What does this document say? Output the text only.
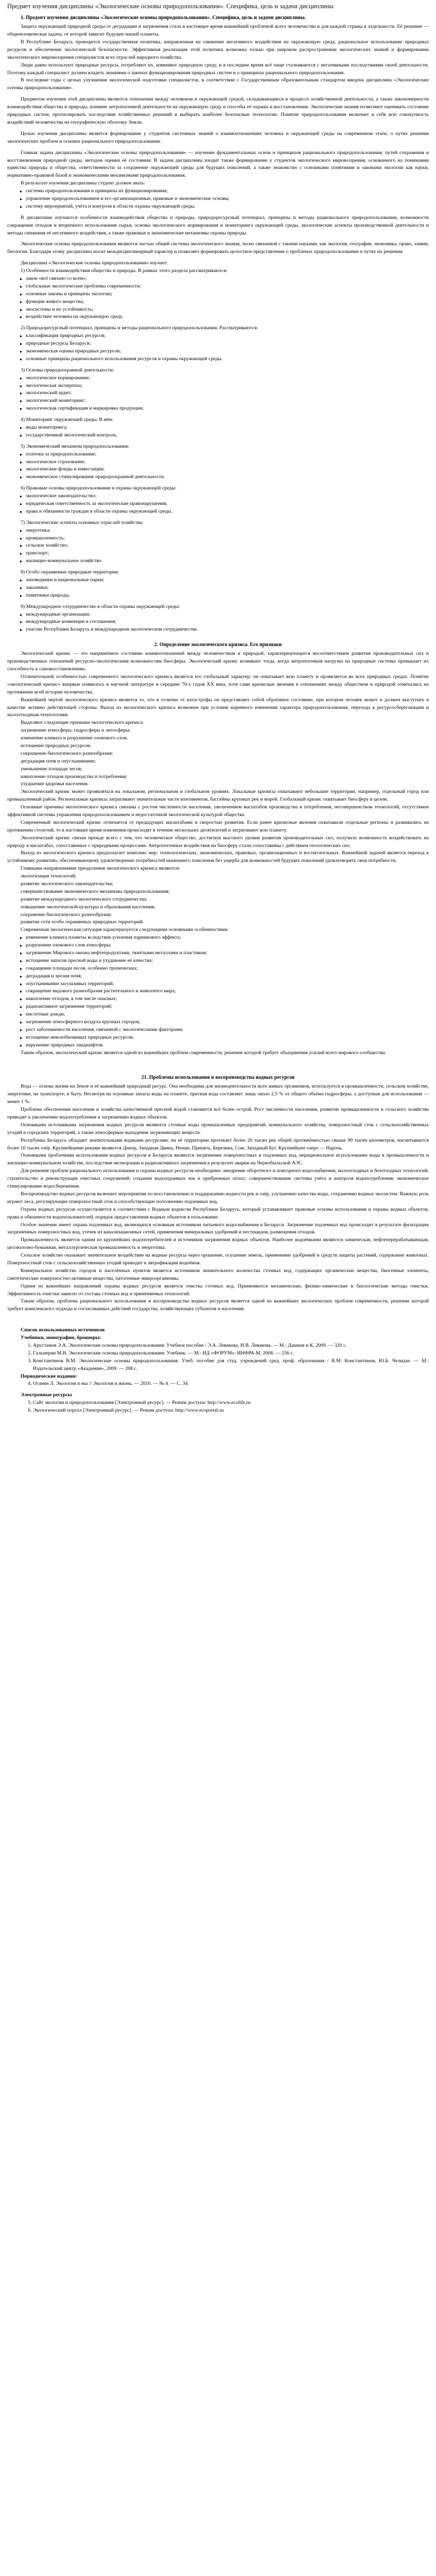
Предмет изучения дисциплины «Экологические основы природопользования». Специфика, цель и задачи дисциплины
1. Предмет изучения дисциплины «Экологические основы природопользования». Специфика, цель и задачи дисциплины.

Защита окружающей природной среды от деградации и загрязнения стала в настоящее время важнейшей проблемой всего человечества и для каждой страны в отдельности. Её решение — общечеловеческая задача, от которой зависит будущее нашей планеты.

В Республике Беларусь проводится государственная политика, направленная на снижение негативного воздействия на окружающую среду, рациональное использование природных ресурсов и обеспечение экологической безопасности. Эффективная реализация этой политики возможна только при широком распространении экологических знаний и формировании экологического мировоззрения специалистов всех отраслей народного хозяйства.

Люди давно используют природные ресурсы, потребляют их, изменяют природную среду, и в последнее время всё чаще сталкиваются с негативными последствиями своей деятельности. Поэтому каждый специалист должен владеть знаниями о законах функционирования природных систем и о принципах рационального природопользования.

В последние годы с целью улучшения экологической подготовки специалистов, в соответствии с Государственным образовательным стандартом введена дисциплина «Экологические основы природопользования».

Предметом изучения этой дисциплины являются отношения между человеком и окружающей средой, складывающиеся в процессе хозяйственной деятельности, а также закономерности взаимодействия общества и природы, влияние антропогенной деятельности на окружающую среду и способы её охраны и восстановления. Экологические знания позволяют оценивать состояние природных систем, прогнозировать последствия хозяйственных решений и выбирать наиболее безопасные технологии. Понятие природопользования включает в себя всю совокупность воздействий человечества на географическую оболочку Земли.

Целью изучения дисциплины является формирование у студентов системных знаний о взаимоотношениях человека и окружающей среды на современном этапе, о путях решения экологических проблем и основах рационального природопользования.

Главная задача дисциплины «Экологические основы природопользования» — изучение фундаментальных основ и принципов рационального природопользования, путей сохранения и восстановления природной среды, методов оценки её состояния. В задачи дисциплины входит также формирование у студентов экологического мировоззрения, основанного на понимании единства природы и общества, ответственности за сохранение окружающей среды для будущих поколений, а также знакомство с основными понятиями и законами экологии как науки, нормативно-правовой базой и экономическими механизмами природопользования.

В результате изучения дисциплины студент должен знать:

● системы природопользования и принципы их функционирования;
● управление природопользованием и его организационные, правовые и экономические основы;
● систему мероприятий, учёта и контроля в области охраны окружающей среды.

В дисциплине изучаются особенности взаимодействия общества и природы, природоресурсный потенциал, принципы и методы рационального природопользования, возможности сокращения отходов и вторичного использования сырья, основы экологического нормирования и мониторинга окружающей среды, экологические аспекты производственной деятельности и методы снижения её негативного воздействия, а также правовые и экономические механизмы охраны природы.

Экологические основы природопользования являются частью общей системы экологического знания, тесно связанной с такими науками, как экология, география, экономика, право, химия, биология. Благодаря этому дисциплина носит междисциплинарный характер и позволяет формировать целостное представление о проблемах природопользования и путях их решения.

Дисциплина «Экологические основы природопользования» изучает:

1) Особенности взаимодействия общества и природы. В рамках этого раздела рассматриваются:

● закон «всё связано со всем»;
● глобальные экологические проблемы современности;
● основные законы и принципы экологии;
● функции живого вещества;
● экосистемы и их устойчивость;
● воздействие человека на окружающую среду.

2) Природоресурсный потенциал, принципы и методы рационального природопользования. Рассматриваются:

● классификация природных ресурсов;
● природные ресурсы Беларуси;
● экономическая оценка природных ресурсов;
● основные принципы рационального использования ресурсов и охраны окружающей среды.

3) Основы природоохранной деятельности:

● экологическое нормирование;
● экологическая экспертиза;
● экологический аудит;
● экологический мониторинг;
● экологическая сертификация и маркировка продукции.

4) Мониторинг окружающей среды. В нём:

● виды мониторинга;
● государственный экологический контроль.

5) Экономический механизм природопользования:

● платежи за природопользование;
● экологическое страхование;
● экологические фонды и инвестиции;
● экономическое стимулирование природоохранной деятельности.

6) Правовые основы природопользования и охраны окружающей среды:

● экологическое законодательство;
● юридическая ответственность за экологические правонарушения;
● права и обязанности граждан в области охраны окружающей среды.

7) Экологические аспекты основных отраслей хозяйства:

● энергетика;
● промышленность;
● сельское хозяйство;
● транспорт;
● жилищно-коммунальное хозяйство.

8) Особо охраняемые природные территории:

● заповедники и национальные парки;
● заказники;
● памятники природы.

9) Международное сотрудничество в области охраны окружающей среды:

● международные организации;
● международные конвенции и соглашения;
● участие Республики Беларусь в международном экологическом сотрудничестве.
2. Определение экологического кризиса. Его признаки

Экологический кризис — это напряжённое состояние взаимоотношений между человечеством и природой, характеризующееся несоответствием развития производительных сил и производственных отношений ресурсно-экологическим возможностям биосферы. Экологический кризис возникает тогда, когда антропогенная нагрузка на природные системы превышает их способность к самовосстановлению.

Отличительной особенностью современного экологического кризиса является его глобальный характер: он охватывает всю планету и проявляется во всех природных средах. Понятие «экологический кризис» впервые появилось в научной литературе в середине 70-х годов XX века, хотя сами кризисные явления в отношениях между обществом и природой отмечались на протяжении всей истории человечества.

Важнейшей чертой экологического кризиса является то, что в отличие от катастрофы он представляет собой обратимое состояние, при котором человек может и должен выступать в качестве активно действующей стороны. Выход из экологического кризиса возможен при условии коренного изменения характера природопользования, перехода к ресурсосберегающим и малоотходным технологиям.

Выделяют следующие признаки экологического кризиса:

загрязнение атмосферы, гидросферы и литосферы;
изменение климата и разрушение озонового слоя;
истощение природных ресурсов;
сокращение биологического разнообразия;
деградация почв и опустынивание;
уменьшение площади лесов;
накопление отходов производства и потребления;
ухудшение здоровья населения.

Экологический кризис может проявляться на локальном, региональном и глобальном уровнях. Локальные кризисы охватывают небольшие территории, например, отдельный город или промышленный район. Региональные кризисы затрагивают значительные части континентов, бассейны крупных рек и морей. Глобальный кризис охватывает биосферу в целом.

Основные причины экологического кризиса связаны с ростом численности населения, увеличением масштабов производства и потребления, несовершенством технологий, отсутствием эффективной системы управления природопользованием и недостаточной экологической культурой общества.

Современный экологический кризис отличается от предыдущих масштабами и скоростью развития. Если ранее кризисные явления охватывали отдельные регионы и развивались на протяжении столетий, то в настоящее время изменения происходят в течение нескольких десятилетий и затрагивают всю планету.

Экологический кризис связан прежде всего с тем, что человеческое общество, достигнув высокого уровня развития производительных сил, получило возможность воздействовать на природу в масштабах, сопоставимых с природными процессами. Антропогенные воздействия на биосферу стали сопоставимы с действием геологических сил.

Выход из экологического кризиса предполагает комплекс мер: технологических, экономических, правовых, организационных и воспитательных. Важнейшей задачей является переход к устойчивому развитию, обеспечивающему удовлетворение потребностей нынешнего поколения без ущерба для возможностей будущих поколений удовлетворять свои потребности.

Главными направлениями преодоления экологического кризиса являются:

экологизация технологий;
развитие экологического законодательства;
совершенствование экономического механизма природопользования;
развитие международного экологического сотрудничества;
повышение экологической культуры и образования населения;
сохранение биологического разнообразия;
развитие сети особо охраняемых природных территорий.

Современная экологическая ситуация характеризуется следующими основными особенностями:

● изменение климата планеты вследствие усиления парникового эффекта;
● разрушение озонового слоя атмосферы;
● загрязнение Мирового океана нефтепродуктами, тяжёлыми металлами и пластиком;
● истощение запасов пресной воды и ухудшение её качества;
● сокращение площади лесов, особенно тропических;
● деградация и эрозия почв;
● опустынивание засушливых территорий;
● сокращение видового разнообразия растительного и животного мира;
● накопление отходов, в том числе опасных;
● радиоактивное загрязнение территорий;
● кислотные дожди;
● загрязнение атмосферного воздуха крупных городов;
● рост заболеваемости населения, связанной с экологическими факторами;
● истощение невозобновимых природных ресурсов;
● нарушение природных ландшафтов.

Таким образом, экологический кризис является одной из важнейших проблем современности, решение которой требует объединения усилий всего мирового сообщества.

21. Проблемы использования и воспроизводства водных ресурсов

Вода — основа жизни на Земле и её важнейший природный ресурс. Она необходима для жизнедеятельности всех живых организмов, используется в промышленности, сельском хозяйстве, энергетике, на транспорте, в быту. Несмотря на огромные запасы воды на планете, пресная вода составляет лишь около 2,5 % от общего объёма гидросферы, а доступная для использования — менее 1 %.

Проблема обеспечения населения и хозяйства качественной пресной водой становится всё более острой. Рост численности населения, развитие промышленности и сельского хозяйства приводят к увеличению водопотребления и загрязнению водных объектов.

Основными источниками загрязнения водных ресурсов являются сточные воды промышленных предприятий, коммунального хозяйства, поверхностный сток с сельскохозяйственных угодий и городских территорий, а также атмосферные выпадения загрязняющих веществ.

Республика Беларусь обладает значительными водными ресурсами: на её территории протекает более 20 тысяч рек общей протяжённостью свыше 90 тысяч километров, насчитывается более 10 тысяч озёр. Крупнейшими реками являются Днепр, Западная Двина, Неман, Припять, Березина, Сож, Западный Буг. Крупнейшее озеро — Нарочь.

Основными проблемами использования водных ресурсов в Беларуси являются загрязнение поверхностных и подземных вод, нерациональное использование воды в промышленности и жилищно-коммунальном хозяйстве, последствия мелиорации и радиоактивного загрязнения в результате аварии на Чернобыльской АЭС.

Для решения проблем рационального использования и охраны водных ресурсов необходимо: внедрение оборотного и повторного водоснабжения, малоотходных и безотходных технологий; строительство и реконструкция очистных сооружений; создание водоохранных зон и прибрежных полос; совершенствование системы учёта и контроля водопотребления; экономическое стимулирование водосбережения.

Воспроизводство водных ресурсов включает мероприятия по восстановлению и поддержанию водности рек и озёр, улучшению качества воды, сохранению водных экосистем. Важную роль играют леса, регулирующие поверхностный сток и способствующие пополнению подземных вод.

Охрана водных ресурсов осуществляется в соответствии с Водным кодексом Республики Беларусь, который устанавливает правовые основы использования и охраны водных объектов, права и обязанности водопользователей, порядок предоставления водных объектов в пользование.

Особое значение имеет охрана подземных вод, являющихся основным источником питьевого водоснабжения в Беларуси. Загрязнение подземных вод происходит в результате фильтрации загрязнённых поверхностных вод, утечек из канализационных сетей, применения минеральных удобрений и пестицидов, размещения отходов.

Промышленность является одним из крупнейших водопотребителей и источников загрязнения водных объектов. Наиболее водоёмкими являются химическая, нефтеперерабатывающая, целлюлозно-бумажная, металлургическая промышленность и энергетика.

Сельское хозяйство оказывает значительное воздействие на водные ресурсы через орошение, осушение земель, применение удобрений и средств защиты растений, содержание животных. Поверхностный сток с сельскохозяйственных угодий приводит к эвтрофикации водоёмов.

Коммунальное хозяйство городов и населённых пунктов является источником значительного количества сточных вод, содержащих органические вещества, биогенные элементы, синтетические поверхностно-активные вещества, патогенные микроорганизмы.

Одним из важнейших направлений охраны водных ресурсов является очистка сточных вод. Применяются механические, физико-химические и биологические методы очистки. Эффективность очистки зависит от состава сточных вод и применяемых технологий.

Таким образом, проблема рационального использования и воспроизводства водных ресурсов является одной из важнейших экологических проблем современности, решение которой требует комплексного подхода и согласованных действий государства, хозяйствующих субъектов и населения.

Список использованных источников

Учебники, монографии, брошюры:

1. Арустамов Э.А. Экологические основы природопользования: Учебное пособие / Э.А. Левакова, Н.В. Левакова. — М.: Дашков и К, 2009. — 320 с.
2. Гальперин М.В. Экологические основы природопользования: Учебник. — М.: ИД «ФОРУМ»: ИНФРА-М, 2008. — 256 с.
3. Константинов В.М. Экологические основы природопользования: Учеб. пособие для студ. учреждений сред. проф. образования / В.М. Константинов, Ю.Б. Челидзе. — М.: Издательский центр «Академия», 2009. — 208 с.

Периодические издания:

4. Оганян Л. Экология и мы // Экология и жизнь. — 2010. — № 4. — С. 34.

Электронные ресурсы

5. Сайт экологии и природопользования [Электронный ресурс]. — Режим доступа: http://www.ecolife.ru
6. Экологический портал [Электронный ресурс]. — Режим доступа: http://www.ecoportal.su
